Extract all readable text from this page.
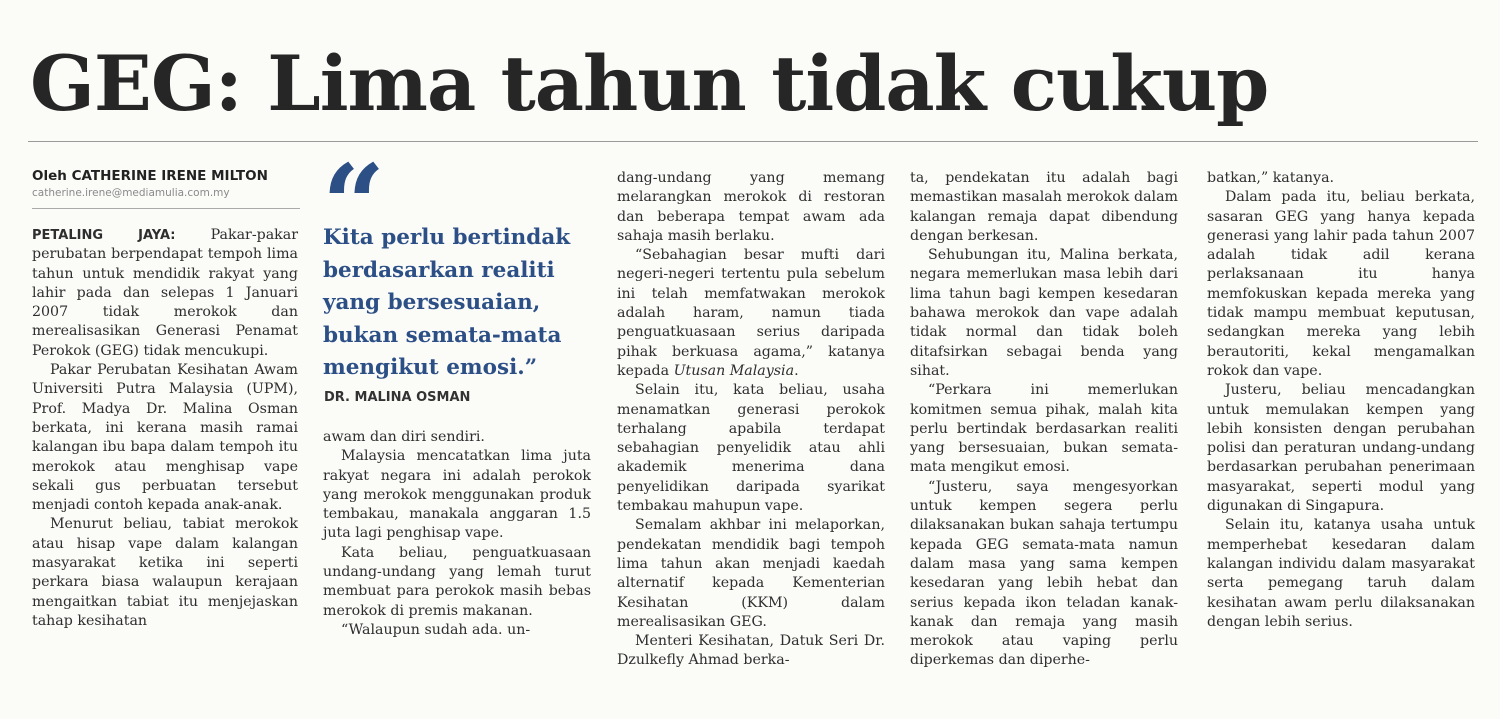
GEG: Lima tahun tidak cukup
Oleh CATHERINE IRENE MILTON
catherine.irene@mediamulia.com.my

PETALING JAYA: Pakar-pakar perubatan berpendapat tempoh lima tahun untuk mendidik rakyat yang lahir pada dan selepas 1 Januari 2007 tidak merokok dan merealisasikan Generasi Penamat Perokok (GEG) tidak mencukupi.

Pakar Perubatan Kesihatan Awam Universiti Putra Malaysia (UPM), Prof. Madya Dr. Malina Osman berkata, ini kerana masih ramai kalangan ibu bapa dalam tempoh itu merokok atau menghisap vape sekali gus perbuatan tersebut menjadi contoh kepada anak-anak.

Menurut beliau, tabiat merokok atau hisap vape dalam kalangan masyarakat ketika ini seperti perkara biasa walaupun kerajaan mengaitkan tabiat itu menjejaskan tahap kesihatan

“

Kita perlu bertindak berdasarkan realiti yang bersesuaian, bukan semata-mata mengikut emosi.”

DR. MALINA OSMAN

awam dan diri sendiri.

Malaysia mencatatkan lima juta rakyat negara ini adalah perokok yang merokok menggunakan produk tembakau, manakala anggaran 1.5 juta lagi penghisap vape.

Kata beliau, penguatkuasaan undang-undang yang lemah turut membuat para perokok masih bebas merokok di premis makanan.

“Walaupun sudah ada. un-

dang-undang yang memang melarangkan merokok di restoran dan beberapa tempat awam ada sahaja masih berlaku.

“Sebahagian besar mufti dari negeri-negeri tertentu pula sebelum ini telah memfatwakan merokok adalah haram, namun tiada penguatkuasaan serius daripada pihak berkuasa agama,” katanya kepada Utusan Malaysia.

Selain itu, kata beliau, usaha menamatkan generasi perokok terhalang apabila terdapat sebahagian penyelidik atau ahli akademik menerima dana penyelidikan daripada syarikat tembakau mahupun vape.

Semalam akhbar ini melaporkan, pendekatan mendidik bagi tempoh lima tahun akan menjadi kaedah alternatif kepada Kementerian Kesihatan (KKM) dalam merealisasikan GEG.

Menteri Kesihatan, Datuk Seri Dr. Dzulkefly Ahmad berka-

ta, pendekatan itu adalah bagi memastikan masalah merokok dalam kalangan remaja dapat dibendung dengan berkesan.

Sehubungan itu, Malina berkata, negara memerlukan masa lebih dari lima tahun bagi kempen kesedaran bahawa merokok dan vape adalah tidak normal dan tidak boleh ditafsirkan sebagai benda yang sihat.

“Perkara ini memerlukan komitmen semua pihak, malah kita perlu bertindak berdasarkan realiti yang bersesuaian, bukan semata-mata mengikut emosi.

“Justeru, saya mengesyorkan untuk kempen segera perlu dilaksanakan bukan sahaja tertumpu kepada GEG semata-mata namun dalam masa yang sama kempen kesedaran yang lebih hebat dan serius kepada ikon teladan kanak-kanak dan remaja yang masih merokok atau vaping perlu diperkemas dan diperhe-

batkan,” katanya.

Dalam pada itu, beliau berkata, sasaran GEG yang hanya kepada generasi yang lahir pada tahun 2007 adalah tidak adil kerana perlaksanaan itu hanya memfokuskan kepada mereka yang tidak mampu membuat keputusan, sedangkan mereka yang lebih berautoriti, kekal mengamalkan rokok dan vape.

Justeru, beliau mencadangkan untuk memulakan kempen yang lebih konsisten dengan perubahan polisi dan peraturan undang-undang berdasarkan perubahan penerimaan masyarakat, seperti modul yang digunakan di Singapura.

Selain itu, katanya usaha untuk memperhebat kesedaran dalam kalangan individu dalam masyarakat serta pemegang taruh dalam kesihatan awam perlu dilaksanakan dengan lebih serius.
